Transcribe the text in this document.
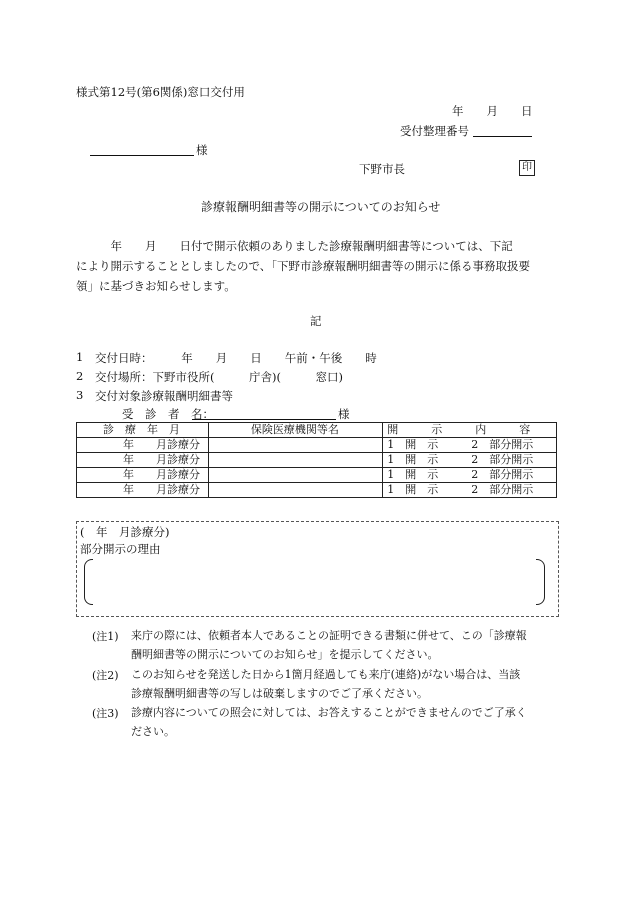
様式第12号(第6関係)窓口交付用
年　　月　　日
受付整理番号
様
下野市長	印
診療報酬明細書等の開示についてのお知らせ
　　　年　　月　　日付で開示依頼のありました診療報酬明細書等については、下記
により開示することとしましたので、「下野市診療報酬明細書等の開示に係る事務取扱要
領」に基づきお知らせします。
記
1 交付日時：　　　年　　月　　日　　午前・午後　　時
2 交付場所：下野市役所(　　　庁舎)(　　　窓口)
3 交付対象診療報酬明細書等
受　診　者　名：	様
診　療　年　月	保険医療機関等名	開　　　示　　　内　　　容
年　　月診療分		1　開　示　　　2　部分開示
年　　月診療分		1　開　示　　　2　部分開示
年　　月診療分		1　開　示　　　2　部分開示
年　　月診療分		1　開　示　　　2　部分開示
(　年　月診療分)
部分開示の理由
(注1) 来庁の際には、依頼者本人であることの証明できる書類に併せて、この「診療報
酬明細書等の開示についてのお知らせ」を提示してください。
(注2) このお知らせを発送した日から1箇月経過しても来庁(連絡)がない場合は、当該
診療報酬明細書等の写しは破棄しますのでご了承ください。
(注3) 診療内容についての照会に対しては、お答えすることができませんのでご了承く
ださい。
